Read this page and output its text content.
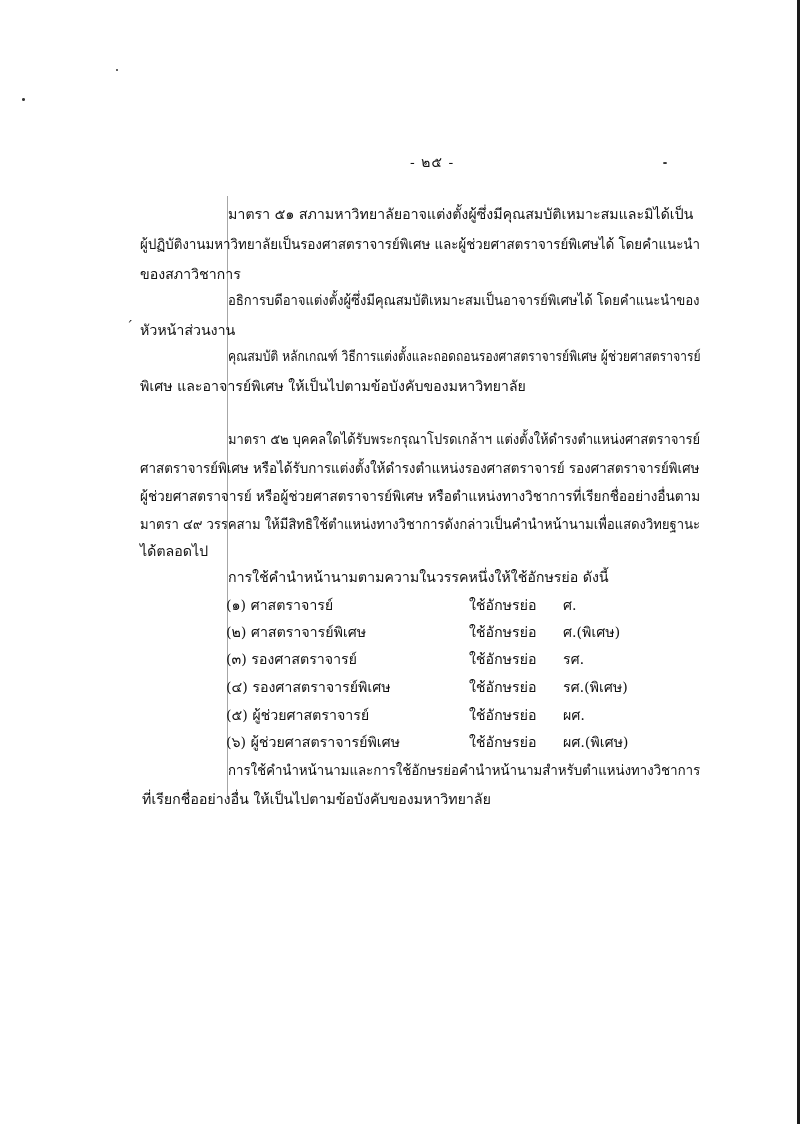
´
- ๒๕ -
มาตรา ๕๑ สภามหาวิทยาลัยอาจแต่งตั้งผู้ซึ่งมีคุณสมบัติเหมาะสมและมิได้เป็น
ผู้ปฏิบัติงานมหาวิทยาลัยเป็นรองศาสตราจารย์พิเศษ และผู้ช่วยศาสตราจารย์พิเศษได้ โดยคำแนะนำ
ของสภาวิชาการ
อธิการบดีอาจแต่งตั้งผู้ซึ่งมีคุณสมบัติเหมาะสมเป็นอาจารย์พิเศษได้ โดยคำแนะนำของ
หัวหน้าส่วนงาน
คุณสมบัติ หลักเกณฑ์ วิธีการแต่งตั้งและถอดถอนรองศาสตราจารย์พิเศษ ผู้ช่วยศาสตราจารย์
พิเศษ และอาจารย์พิเศษ ให้เป็นไปตามข้อบังคับของมหาวิทยาลัย
มาตรา ๕๒ บุคคลใดได้รับพระกรุณาโปรดเกล้าฯ แต่งตั้งให้ดำรงตำแหน่งศาสตราจารย์
ศาสตราจารย์พิเศษ หรือได้รับการแต่งตั้งให้ดำรงตำแหน่งรองศาสตราจารย์ รองศาสตราจารย์พิเศษ
ผู้ช่วยศาสตราจารย์ หรือผู้ช่วยศาสตราจารย์พิเศษ หรือตำแหน่งทางวิชาการที่เรียกชื่ออย่างอื่นตาม
มาตรา ๔๙ วรรคสาม ให้มีสิทธิใช้ตำแหน่งทางวิชาการดังกล่าวเป็นคำนำหน้านามเพื่อแสดงวิทยฐานะ
ได้ตลอดไป
การใช้คำนำหน้านามตามความในวรรคหนึ่งให้ใช้อักษรย่อ ดังนี้
(๑) ศาสตราจารย์	ใช้อักษรย่อ ศ.
(๒) ศาสตราจารย์พิเศษ	ใช้อักษรย่อ ศ.(พิเศษ)
(๓) รองศาสตราจารย์	ใช้อักษรย่อ รศ.
(๔) รองศาสตราจารย์พิเศษ	ใช้อักษรย่อ รศ.(พิเศษ)
(๕) ผู้ช่วยศาสตราจารย์	ใช้อักษรย่อ ผศ.
(๖) ผู้ช่วยศาสตราจารย์พิเศษ	ใช้อักษรย่อ ผศ.(พิเศษ)
การใช้คำนำหน้านามและการใช้อักษรย่อคำนำหน้านามสำหรับตำแหน่งทางวิชาการ
ที่เรียกชื่ออย่างอื่น ให้เป็นไปตามข้อบังคับของมหาวิทยาลัย
